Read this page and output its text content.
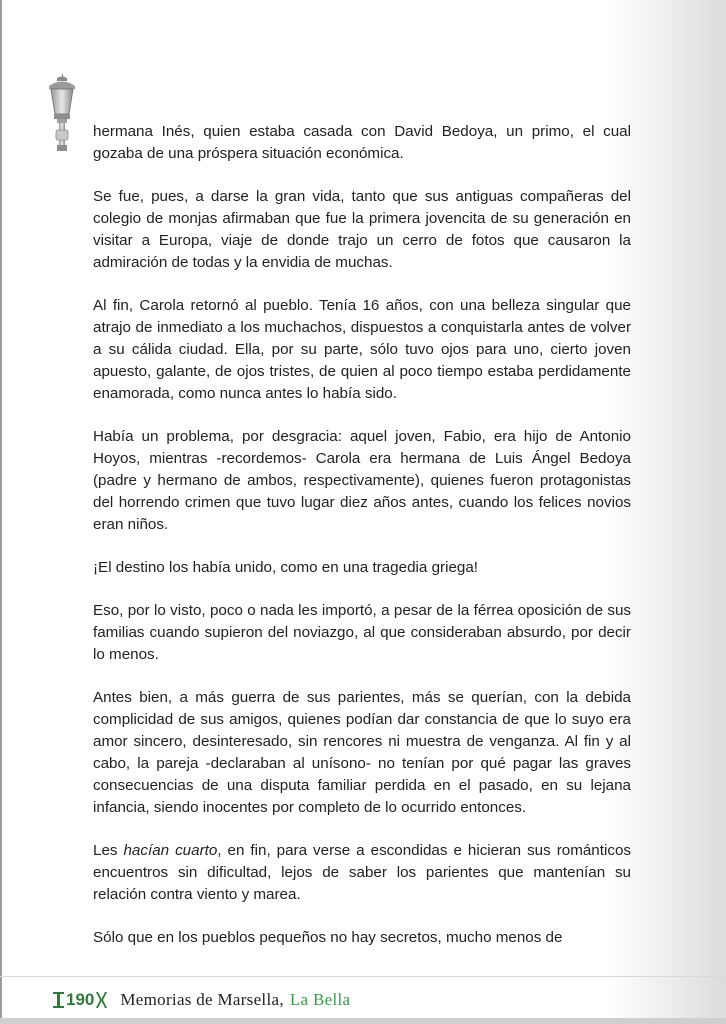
hermana Inés, quien estaba casada con David Bedoya, un primo, el cual gozaba de una próspera situación económica.

Se fue, pues, a darse la gran vida, tanto que sus antiguas compañeras del colegio de monjas afirmaban que fue la primera jovencita de su generación en visitar a Europa, viaje de donde trajo un cerro de fotos que causaron la admiración de todas y la envidia de muchas.

Al fin, Carola retornó al pueblo. Tenía 16 años, con una belleza singular que atrajo de inmediato a los muchachos, dispuestos a conquistarla antes de volver a su cálida ciudad. Ella, por su parte, sólo tuvo ojos para uno, cierto joven apuesto, galante, de ojos tristes, de quien al poco tiempo estaba perdidamente enamorada, como nunca antes lo había sido.

Había un problema, por desgracia: aquel joven, Fabio, era hijo de Antonio Hoyos, mientras -recordemos- Carola era hermana de Luis Ángel Bedoya (padre y hermano de ambos, respectivamente), quienes fueron protagonistas del horrendo crimen que tuvo lugar diez años antes, cuando los felices novios eran niños.

¡El destino los había unido, como en una tragedia griega!

Eso, por lo visto, poco o nada les importó, a pesar de la férrea oposición de sus familias cuando supieron del noviazgo, al que consideraban absurdo, por decir lo menos.

Antes bien, a más guerra de sus parientes, más se querían, con la debida complicidad de sus amigos, quienes podían dar constancia de que lo suyo era amor sincero, desinteresado, sin rencores ni muestra de venganza. Al fin y al cabo, la pareja -declaraban al unísono- no tenían por qué pagar las graves consecuencias de una disputa familiar perdida en el pasado, en su lejana infancia, siendo inocentes por completo de lo ocurrido entonces.

Les hacían cuarto, en fin, para verse a escondidas e hicieran sus románticos encuentros sin dificultad, lejos de saber los parientes que mantenían su relación contra viento y marea.

Sólo que en los pueblos pequeños no hay secretos, mucho menos de

190 Memorias de Marsella, La Bella
